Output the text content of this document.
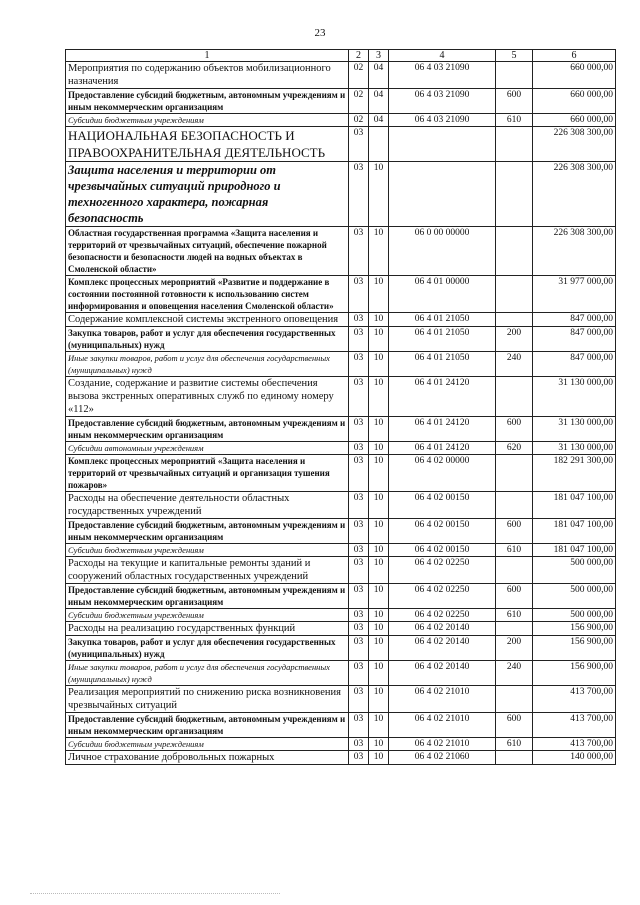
23
1	2	3	4	5	6
Мероприятия по содержанию объектов мобилизационного назначения	02	04	06 4 03 21090		660 000,00
Предоставление субсидий бюджетным, автономным учреждениям и иным некоммерческим организациям	02	04	06 4 03 21090	600	660 000,00
Субсидии бюджетным учреждениям	02	04	06 4 03 21090	610	660 000,00
НАЦИОНАЛЬНАЯ БЕЗОПАСНОСТЬ И ПРАВООХРАНИТЕЛЬНАЯ ДЕЯТЕЛЬНОСТЬ	03				226 308 300,00
Защита населения и территории от чрезвычайных ситуаций природного и техногенного характера, пожарная безопасность	03	10			226 308 300,00
Областная государственная программа «Защита населения и территорий от чрезвычайных ситуаций, обеспечение пожарной безопасности и безопасности людей на водных объектах в Смоленской области»	03	10	06 0 00 00000		226 308 300,00
Комплекс процессных мероприятий «Развитие и поддержание в состоянии постоянной готовности к использованию систем информирования и оповещения населения Смоленской области»	03	10	06 4 01 00000		31 977 000,00
Содержание комплексной системы экстренного оповещения	03	10	06 4 01 21050		847 000,00
Закупка товаров, работ и услуг для обеспечения государственных (муниципальных) нужд	03	10	06 4 01 21050	200	847 000,00
Иные закупки товаров, работ и услуг для обеспечения государственных (муниципальных) нужд	03	10	06 4 01 21050	240	847 000,00
Создание, содержание и развитие системы обеспечения вызова экстренных оперативных служб по единому номеру «112»	03	10	06 4 01 24120		31 130 000,00
Предоставление субсидий бюджетным, автономным учреждениям и иным некоммерческим организациям	03	10	06 4 01 24120	600	31 130 000,00
Субсидии автономным учреждениям	03	10	06 4 01 24120	620	31 130 000,00
Комплекс процессных мероприятий «Защита населения и территорий от чрезвычайных ситуаций и организация тушения пожаров»	03	10	06 4 02 00000		182 291 300,00
Расходы на обеспечение деятельности областных государственных учреждений	03	10	06 4 02 00150		181 047 100,00
Предоставление субсидий бюджетным, автономным учреждениям и иным некоммерческим организациям	03	10	06 4 02 00150	600	181 047 100,00
Субсидии бюджетным учреждениям	03	10	06 4 02 00150	610	181 047 100,00
Расходы на текущие и капитальные ремонты зданий и сооружений областных государственных учреждений	03	10	06 4 02 02250		500 000,00
Предоставление субсидий бюджетным, автономным учреждениям и иным некоммерческим организациям	03	10	06 4 02 02250	600	500 000,00
Субсидии бюджетным учреждениям	03	10	06 4 02 02250	610	500 000,00
Расходы на реализацию государственных функций	03	10	06 4 02 20140		156 900,00
Закупка товаров, работ и услуг для обеспечения государственных (муниципальных) нужд	03	10	06 4 02 20140	200	156 900,00
Иные закупки товаров, работ и услуг для обеспечения государственных (муниципальных) нужд	03	10	06 4 02 20140	240	156 900,00
Реализация мероприятий по снижению риска возникновения чрезвычайных ситуаций	03	10	06 4 02 21010		413 700,00
Предоставление субсидий бюджетным, автономным учреждениям и иным некоммерческим организациям	03	10	06 4 02 21010	600	413 700,00
Субсидии бюджетным учреждениям	03	10	06 4 02 21010	610	413 700,00
Личное страхование добровольных пожарных	03	10	06 4 02 21060		140 000,00
